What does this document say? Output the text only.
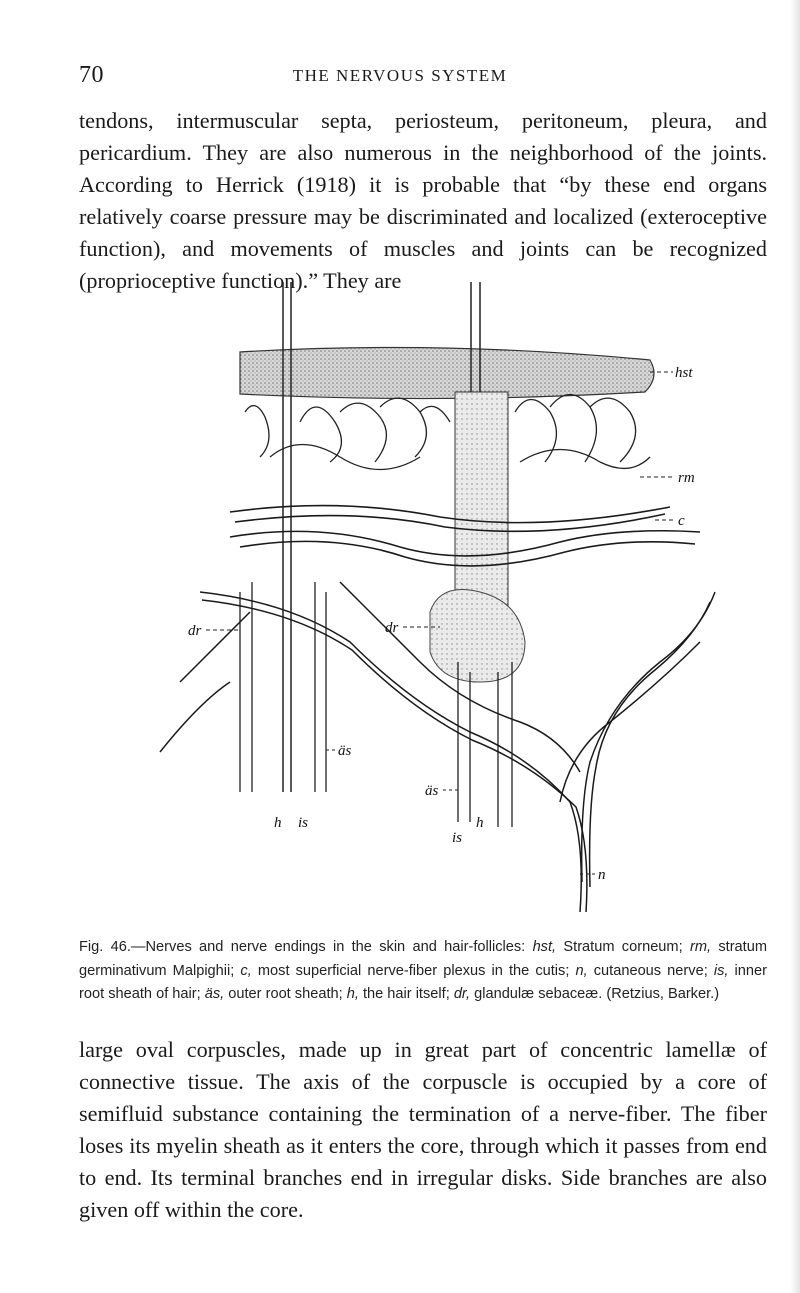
70	THE NERVOUS SYSTEM

tendons, intermuscular septa, periosteum, peritoneum, pleura, and pericardium. They are also numerous in the neighborhood of the joints. According to Herrick (1918) it is probable that “by these end organs relatively coarse pressure may be discriminated and localized (exteroceptive function), and movements of muscles and joints can be recognized (proprioceptive function).” They are

hst
rm
c
dr	dr
äs
äs
h is	h
is
n

Fig. 46.—Nerves and nerve endings in the skin and hair-follicles: hst, Stratum corneum; rm, stratum germinativum Malpighii; c, most superficial nerve-fiber plexus in the cutis; n, cutaneous nerve; is, inner root sheath of hair; äs, outer root sheath; h, the hair itself; dr, glandulæ sebaceæ. (Retzius, Barker.)

large oval corpuscles, made up in great part of concentric lamellæ of connective tissue. The axis of the corpuscle is occupied by a core of semifluid substance containing the termination of a nerve-fiber. The fiber loses its myelin sheath as it enters the core, through which it passes from end to end. Its terminal branches end in irregular disks. Side branches are also given off within the core.
